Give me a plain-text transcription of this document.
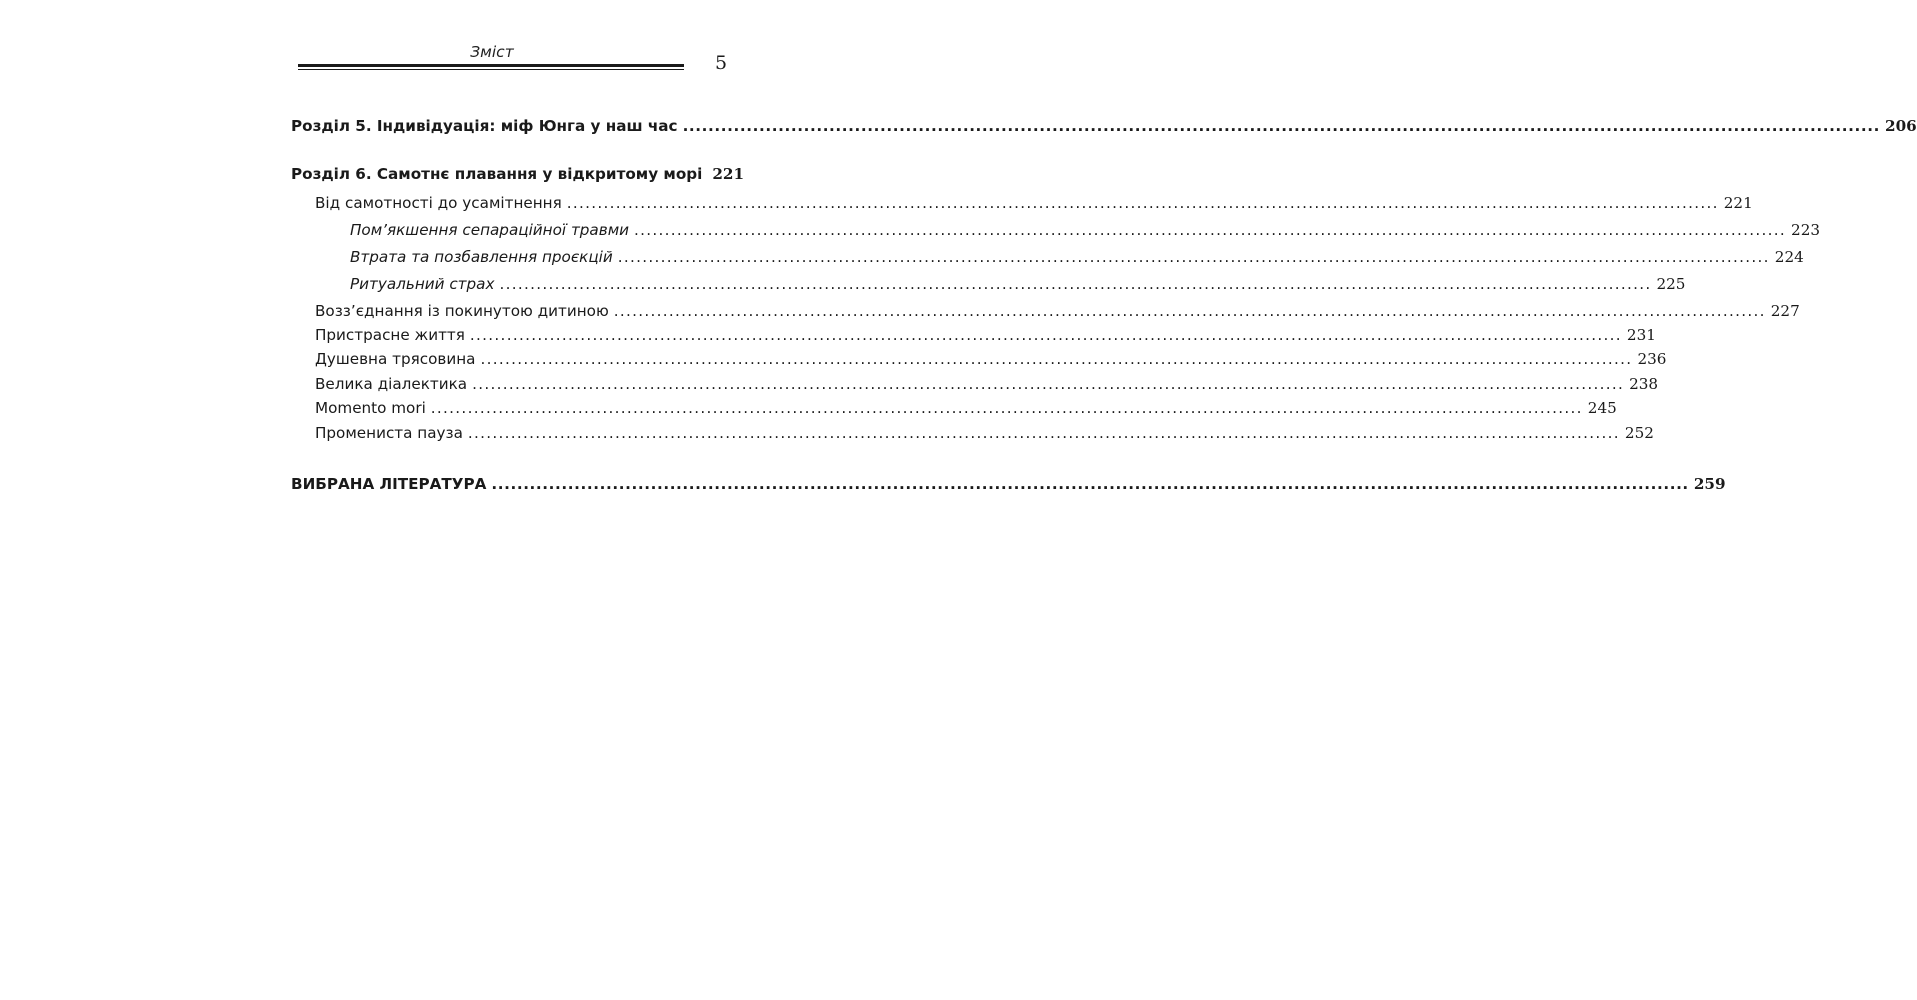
Зміст	5
Розділ 5. Індивідуація: міф Юнга у наш час .....	206
Розділ 6. Самотнє плавання у відкритому морі 221
Від самотності до усамітнення .....	221
Пом’якшення сепараційної травми .....	223
Втрата та позбавлення проєкцій .....	224
Ритуальний страх .....	225
Возз’єднання із покинутою дитиною .....	227
Пристрасне життя .....	231
Душевна трясовина .....	236
Велика діалектика .....	238
Momento mori .....	245
Промениста пауза .....	252
ВИБРАНА ЛІТЕРАТУРА .....	259
